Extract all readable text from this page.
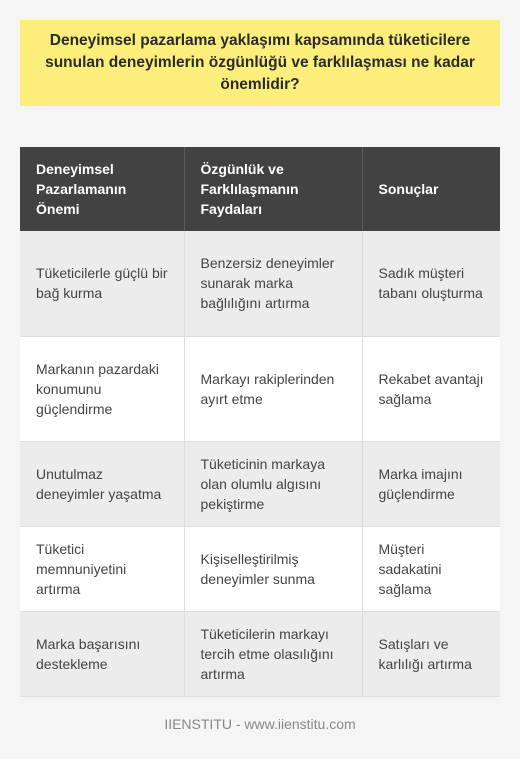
Deneyimsel pazarlama yaklaşımı kapsamında tüketicilere sunulan deneyimlerin özgünlüğü ve farklılaşması ne kadar önemlidir?
Deneyimsel Pazarlamanın Önemi	Özgünlük ve Farklılaşmanın Faydaları	Sonuçlar
Tüketicilerle güçlü bir bağ kurma	Benzersiz deneyimler sunarak marka bağlılığını artırma	Sadık müşteri tabanı oluşturma
Markanın pazardaki konumunu güçlendirme	Markayı rakiplerinden ayırt etme	Rekabet avantajı sağlama
Unutulmaz deneyimler yaşatma	Tüketicinin markaya olan olumlu algısını pekiştirme	Marka imajını güçlendirme
Tüketici memnuniyetini artırma	Kişiselleştirilmiş deneyimler sunma	Müşteri sadakatini sağlama
Marka başarısını destekleme	Tüketicilerin markayı tercih etme olasılığını artırma	Satışları ve karlılığı artırma
IIENSTITU - www.iienstitu.com
